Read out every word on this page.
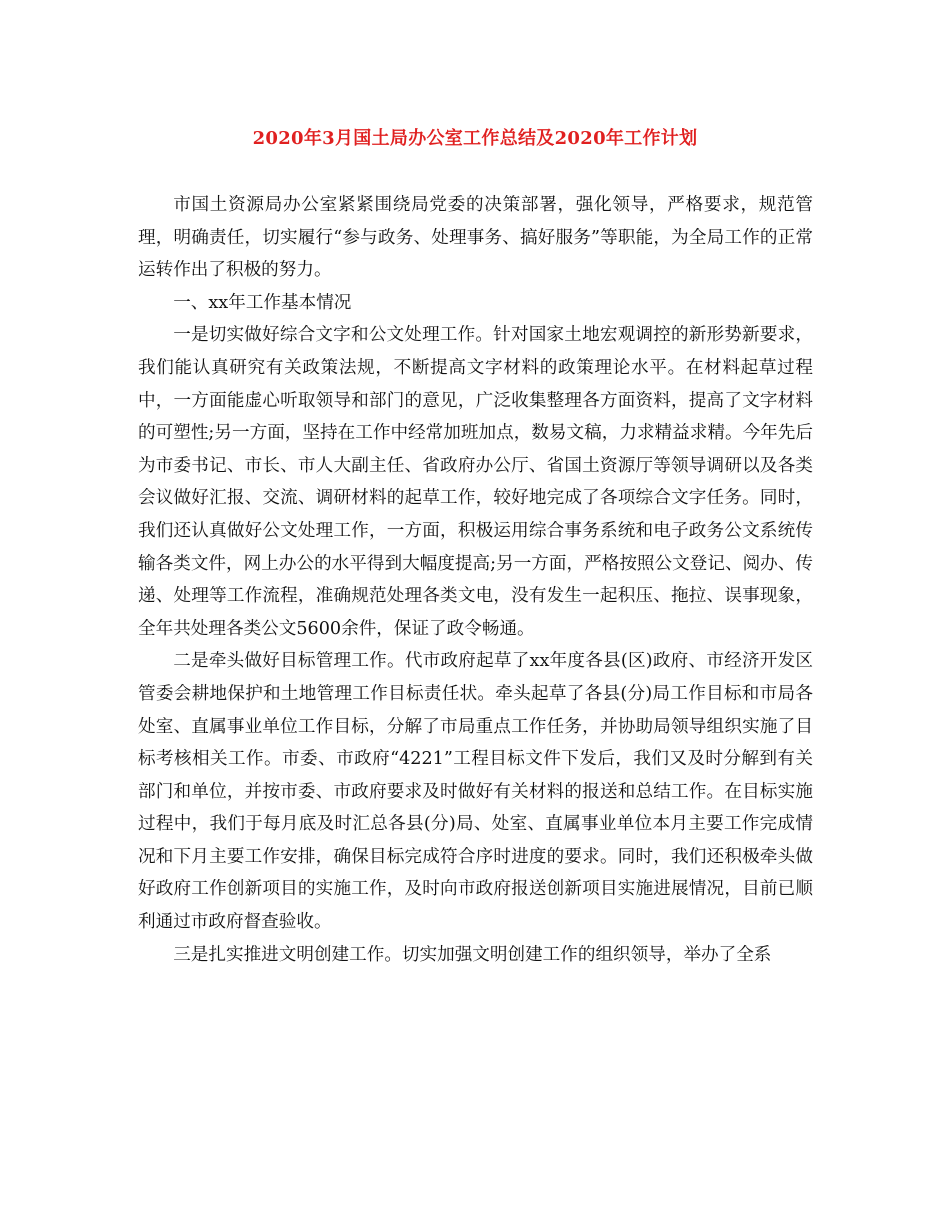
2020年3月国土局办公室工作总结及2020年工作计划

市国土资源局办公室紧紧围绕局党委的决策部署，强化领导，严格要求，规范管理，明确责任，切实履行“参与政务、处理事务、搞好服务”等职能，为全局工作的正常运转作出了积极的努力。

一、xx年工作基本情况

一是切实做好综合文字和公文处理工作。针对国家土地宏观调控的新形势新要求，我们能认真研究有关政策法规，不断提高文字材料的政策理论水平。在材料起草过程中，一方面能虚心听取领导和部门的意见，广泛收集整理各方面资料，提高了文字材料的可塑性;另一方面，坚持在工作中经常加班加点，数易文稿，力求精益求精。今年先后为市委书记、市长、市人大副主任、省政府办公厅、省国土资源厅等领导调研以及各类会议做好汇报、交流、调研材料的起草工作，较好地完成了各项综合文字任务。同时，我们还认真做好公文处理工作，一方面，积极运用综合事务系统和电子政务公文系统传输各类文件，网上办公的水平得到大幅度提高;另一方面，严格按照公文登记、阅办、传递、处理等工作流程，准确规范处理各类文电，没有发生一起积压、拖拉、误事现象，全年共处理各类公文5600余件，保证了政令畅通。

二是牵头做好目标管理工作。代市政府起草了xx年度各县(区)政府、市经济开发区管委会耕地保护和土地管理工作目标责任状。牵头起草了各县(分)局工作目标和市局各处室、直属事业单位工作目标，分解了市局重点工作任务，并协助局领导组织实施了目标考核相关工作。市委、市政府“4221”工程目标文件下发后，我们又及时分解到有关部门和单位，并按市委、市政府要求及时做好有关材料的报送和总结工作。在目标实施过程中，我们于每月底及时汇总各县(分)局、处室、直属事业单位本月主要工作完成情况和下月主要工作安排，确保目标完成符合序时进度的要求。同时，我们还积极牵头做好政府工作创新项目的实施工作，及时向市政府报送创新项目实施进展情况，目前已顺利通过市政府督查验收。

三是扎实推进文明创建工作。切实加强文明创建工作的组织领导，举办了全系
